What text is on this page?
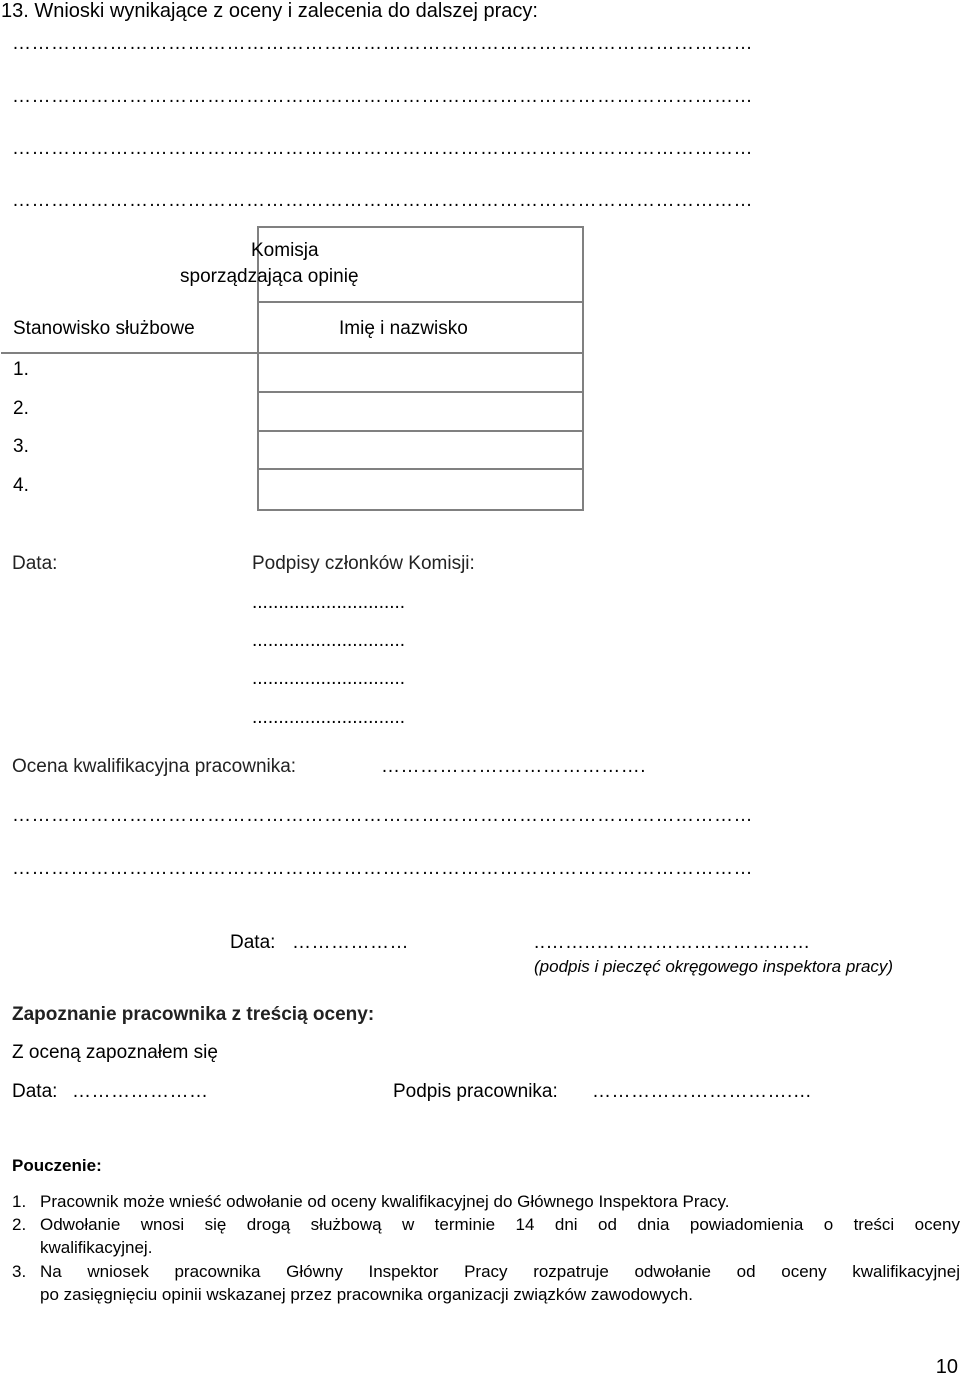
13. Wnioski wynikające z oceny i zalecenia do dalszej pracy:
……………………………………………………………………………………………………
……………………………………………………………………………………………………
……………………………………………………………………………………………………
……………………………………………………………………………………………………
Komisja
sporządzająca opinię
Stanowisko służbowe	Imię i nazwisko
1.
2.
3.
4.
Data:	Podpisy członków Komisji:
.............................
.............................
.............................
.............................
Ocena kwalifikacyjna pracownika:	……………….………………….
……………………………………………………………………………………………………
……………………………………………………………………………………………………
Data: ………………	..……..……………………………
(podpis i pieczęć okręgowego inspektora pracy)
Zapoznanie pracownika z treścią oceny:
Z oceną zapoznałem się
Data: …………………	Podpis pracownika: ………………………….…
Pouczenie:
1. Pracownik może wnieść odwołanie od oceny kwalifikacyjnej do Głównego Inspektora Pracy.
2. Odwołanie wnosi się drogą służbową w terminie 14 dni od dnia powiadomienia o treści oceny
kwalifikacyjnej.
3. Na wniosek pracownika Główny Inspektor Pracy rozpatruje odwołanie od oceny kwalifikacyjnej
po zasięgnięciu opinii wskazanej przez pracownika organizacji związków zawodowych.
10
